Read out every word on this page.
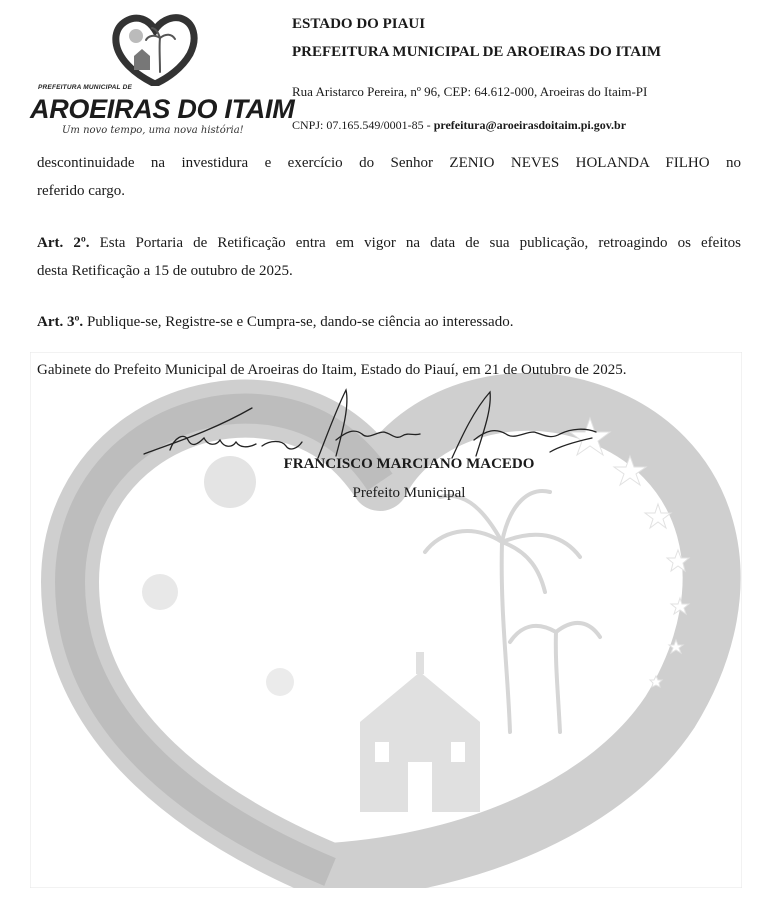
PREFEITURA MUNICIPAL DE
AROEIRAS DO ITAIM
Um novo tempo, uma nova história!
ESTADO DO PIAUI
PREFEITURA MUNICIPAL DE AROEIRAS DO ITAIM
Rua Aristarco Pereira, nº 96, CEP: 64.612-000, Aroeiras do Itaim-PI
CNPJ: 07.165.549/0001-85 - prefeitura@aroeirasdoitaim.pi.gov.br
descontinuidade na investidura e exercício do Senhor ZENIO NEVES HOLANDA FILHO no
referido cargo.
Art. 2º. Esta Portaria de Retificação entra em vigor na data de sua publicação, retroagindo os efeitos
desta Retificação a 15 de outubro de 2025.
Art. 3º. Publique-se, Registre-se e Cumpra-se, dando-se ciência ao interessado.
Gabinete do Prefeito Municipal de Aroeiras do Itaim, Estado do Piauí, em 21 de Outubro de 2025.
FRANCISCO MARCIANO MACEDO
Prefeito Municipal
